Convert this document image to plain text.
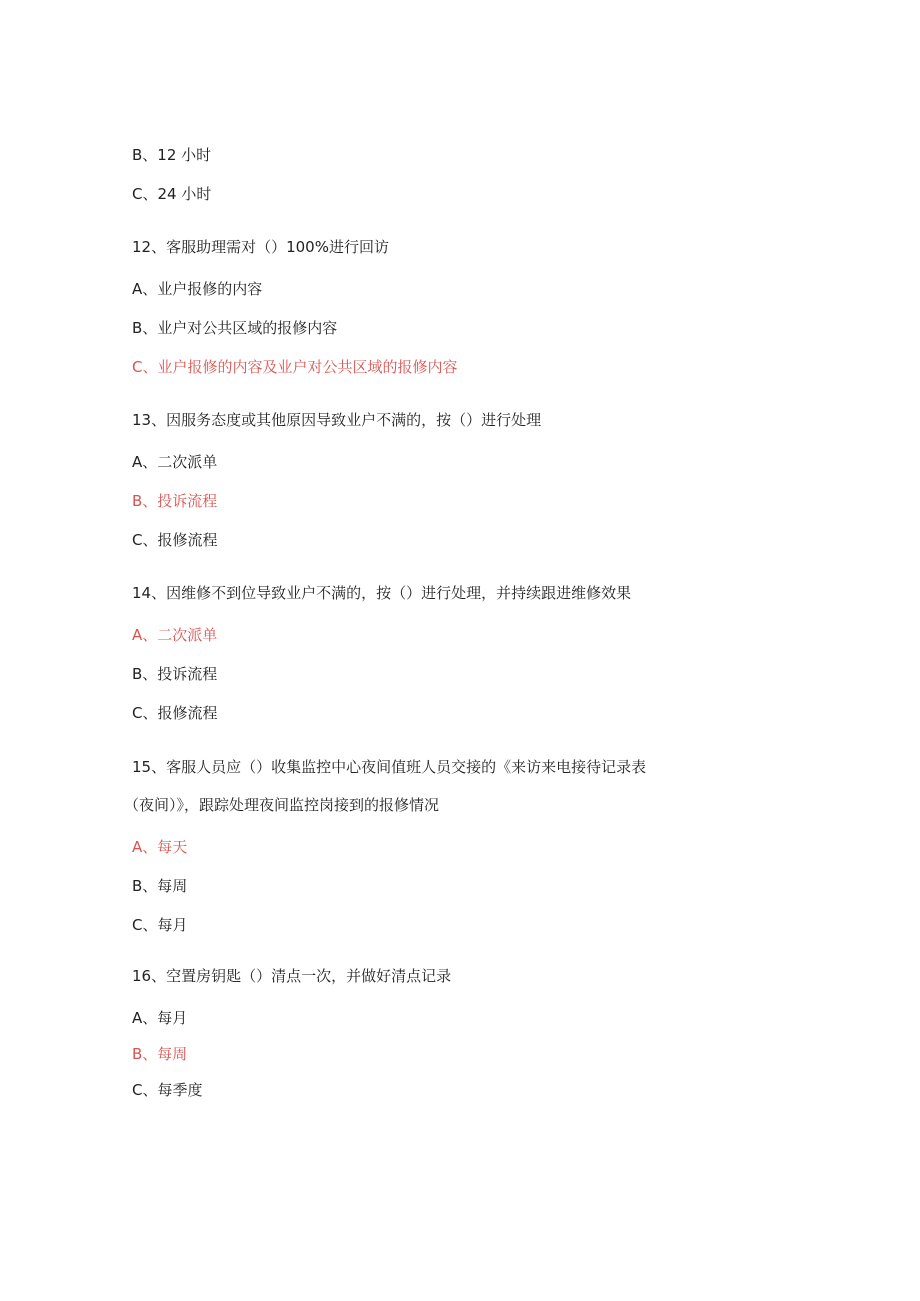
B、12 小时
C、24 小时
12、客服助理需对（）100%进行回访
A、业户报修的内容
B、业户对公共区域的报修内容
C、业户报修的内容及业户对公共区域的报修内容
13、因服务态度或其他原因导致业户不满的，按（）进行处理
A、二次派单
B、投诉流程
C、报修流程
14、因维修不到位导致业户不满的，按（）进行处理，并持续跟进维修效果
A、二次派单
B、投诉流程
C、报修流程
15、客服人员应（）收集监控中心夜间值班人员交接的《来访来电接待记录表
（夜间）》，跟踪处理夜间监控岗接到的报修情况
A、每天
B、每周
C、每月
16、空置房钥匙（）清点一次，并做好清点记录
A、每月
B、每周
C、每季度
